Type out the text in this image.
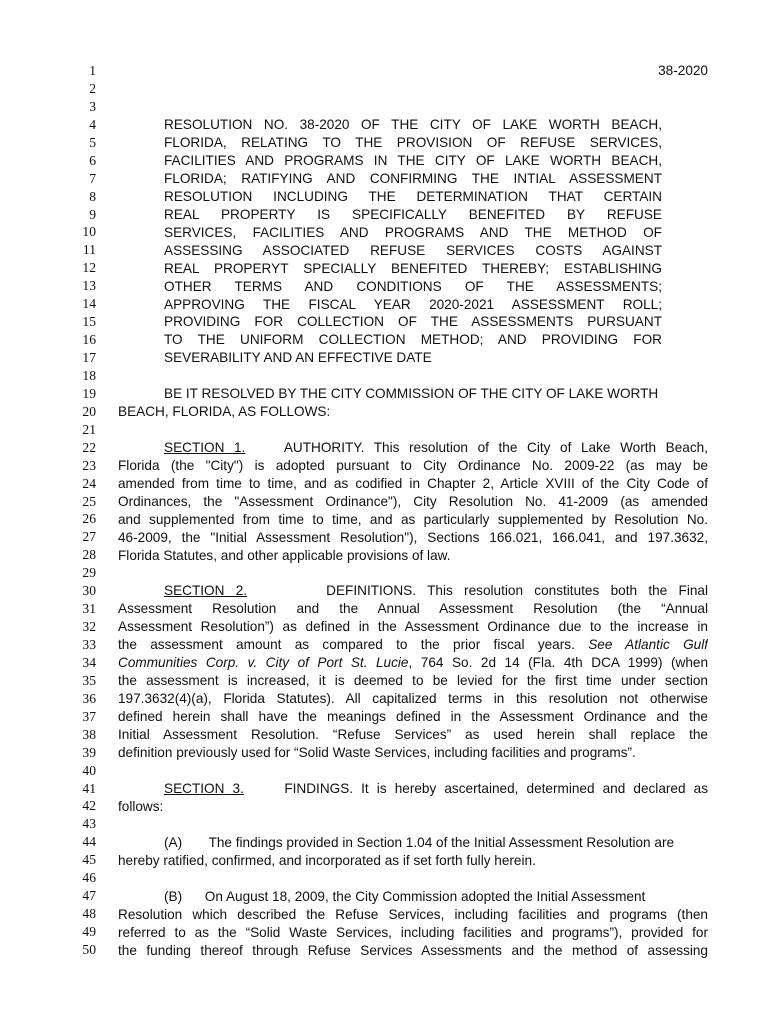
1
2
3
4
5
6
7
8
9
10
11
12
13
14
15
16
17
18
19
20
21
22
23
24
25
26
27
28
29
30
31
32
33
34
35
36
37
38
39
40
41
42
43
44
45
46
47
48
49
50
38-2020
RESOLUTION NO. 38-2020 OF THE CITY OF LAKE WORTH BEACH,
FLORIDA, RELATING TO THE PROVISION OF REFUSE SERVICES,
FACILITIES AND PROGRAMS IN THE CITY OF LAKE WORTH BEACH,
FLORIDA; RATIFYING AND CONFIRMING THE INTIAL ASSESSMENT
RESOLUTION INCLUDING THE DETERMINATION THAT CERTAIN
REAL PROPERTY IS SPECIFICALLY BENEFITED BY REFUSE
SERVICES, FACILITIES AND PROGRAMS AND THE METHOD OF
ASSESSING ASSOCIATED REFUSE SERVICES COSTS AGAINST
REAL PROPERYT SPECIALLY BENEFITED THEREBY; ESTABLISHING
OTHER TERMS AND CONDITIONS OF THE ASSESSMENTS;
APPROVING THE FISCAL YEAR 2020-2021 ASSESSMENT ROLL;
PROVIDING FOR COLLECTION OF THE ASSESSMENTS PURSUANT
TO THE UNIFORM COLLECTION METHOD; AND PROVIDING FOR
SEVERABILITY AND AN EFFECTIVE DATE
BE IT RESOLVED BY THE CITY COMMISSION OF THE CITY OF LAKE WORTH
BEACH, FLORIDA, AS FOLLOWS:
SECTION 1.	AUTHORITY. This resolution of the City of Lake Worth Beach,
Florida (the "City") is adopted pursuant to City Ordinance No. 2009-22 (as may be
amended from time to time, and as codified in Chapter 2, Article XVIII of the City Code of
Ordinances, the "Assessment Ordinance"), City Resolution No. 41-2009 (as amended
and supplemented from time to time, and as particularly supplemented by Resolution No.
46-2009, the "Initial Assessment Resolution"), Sections 166.021, 166.041, and 197.3632,
Florida Statutes, and other applicable provisions of law.
SECTION 2.	DEFINITIONS. This resolution constitutes both the Final
Assessment Resolution and the Annual Assessment Resolution (the “Annual
Assessment Resolution”) as defined in the Assessment Ordinance due to the increase in
the assessment amount as compared to the prior fiscal years. See Atlantic Gulf
Communities Corp. v. City of Port St. Lucie, 764 So. 2d 14 (Fla. 4th DCA 1999) (when
the assessment is increased, it is deemed to be levied for the first time under section
197.3632(4)(a), Florida Statutes). All capitalized terms in this resolution not otherwise
defined herein shall have the meanings defined in the Assessment Ordinance and the
Initial Assessment Resolution. “Refuse Services” as used herein shall replace the
definition previously used for “Solid Waste Services, including facilities and programs”.
SECTION 3.	FINDINGS. It is hereby ascertained, determined and declared as
follows:
(A) The findings provided in Section 1.04 of the Initial Assessment Resolution are
hereby ratified, confirmed, and incorporated as if set forth fully herein.
(B) On August 18, 2009, the City Commission adopted the Initial Assessment
Resolution which described the Refuse Services, including facilities and programs (then
referred to as the “Solid Waste Services, including facilities and programs”), provided for
the funding thereof through Refuse Services Assessments and the method of assessing
